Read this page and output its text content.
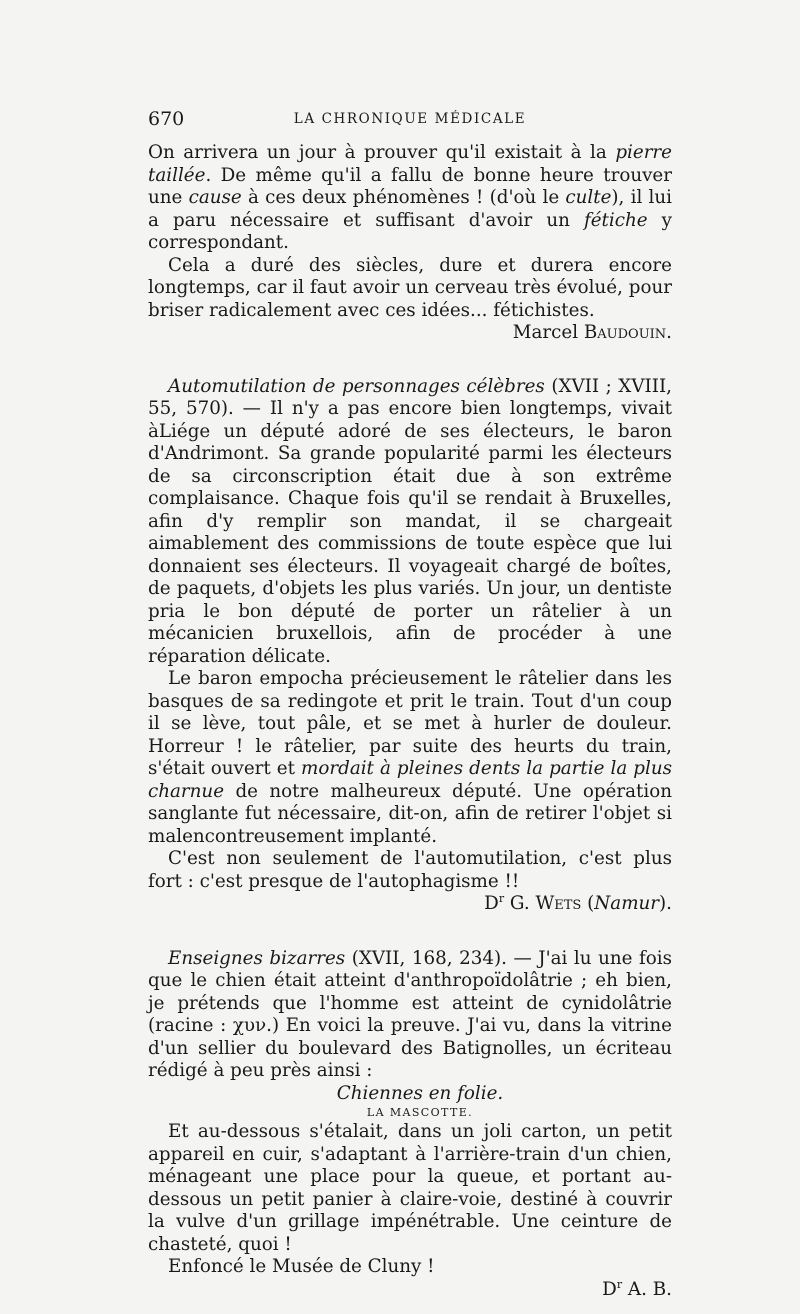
670	LA CHRONIQUE MÉDICALE

On arrivera un jour à prouver qu'il existait à la pierre taillée. De même qu'il a fallu de bonne heure trouver une cause à ces deux phénomènes ! (d'où le culte), il lui a paru nécessaire et suffisant d'avoir un fétiche y correspondant.

Cela a duré des siècles, dure et durera encore longtemps, car il faut avoir un cerveau très évolué, pour briser radicalement avec ces idées... fétichistes.

Marcel Baudouin.

Automutilation de personnages célèbres (XVII ; XVIII, 55, 570). — Il n'y a pas encore bien longtemps, vivait àLiége un député adoré de ses électeurs, le baron d'Andrimont. Sa grande popularité parmi les électeurs de sa circonscription était due à son extrême complaisance. Chaque fois qu'il se rendait à Bruxelles, afin d'y remplir son mandat, il se chargeait aimablement des commissions de toute espèce que lui donnaient ses électeurs. Il voyageait chargé de boîtes, de paquets, d'objets les plus variés. Un jour, un dentiste pria le bon député de porter un râtelier à un mécanicien bruxellois, afin de procéder à une réparation délicate.

Le baron empocha précieusement le râtelier dans les basques de sa redingote et prit le train. Tout d'un coup il se lève, tout pâle, et se met à hurler de douleur. Horreur ! le râtelier, par suite des heurts du train, s'était ouvert et mordait à pleines dents la partie la plus charnue de notre malheureux député. Une opération sanglante fut nécessaire, dit-on, afin de retirer l'objet si malencontreusement implanté.

C'est non seulement de l'automutilation, c'est plus fort : c'est presque de l'autophagisme !!

$D^r$ G. Wets (Namur).

Enseignes bizarres (XVII, 168, 234). — J'ai lu une fois que le chien était atteint d'anthropoïdolâtrie ; eh bien, je prétends que l'homme est atteint de cynidolâtrie (racine : χυν.) En voici la preuve. J'ai vu, dans la vitrine d'un sellier du boulevard des Batignolles, un écriteau rédigé à peu près ainsi :

Chiennes en folie.

LA MASCOTTE.

Et au-dessous s'étalait, dans un joli carton, un petit appareil en cuir, s'adaptant à l'arrière-train d'un chien, ménageant une place pour la queue, et portant au-dessous un petit panier à claire-voie, destiné à couvrir la vulve d'un grillage impénétrable. Une ceinture de chasteté, quoi !

Enfoncé le Musée de Cluny !

$D^r$ A. B.
